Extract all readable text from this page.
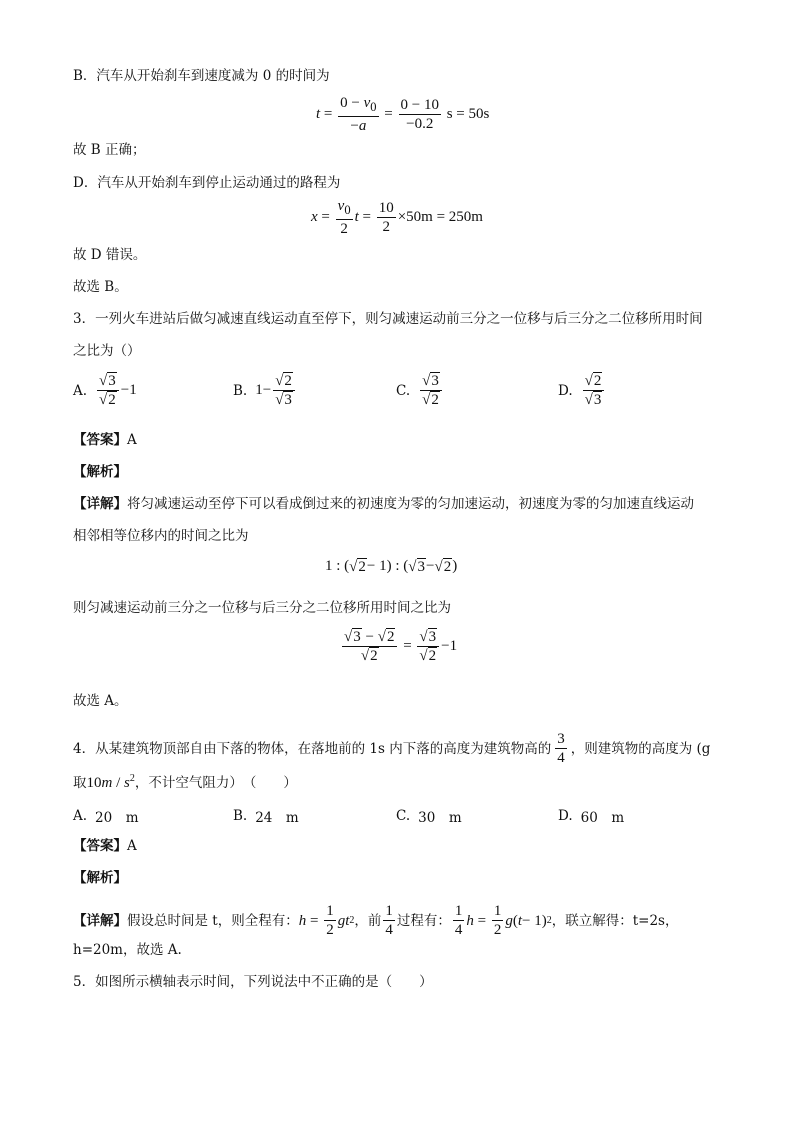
B．汽车从开始刹车到速度减为 0 的时间为
$t = \frac{0 - v_0}{-a} = \frac{0 - 10}{-0.2}$ s = 50s
故 B 正确；
D．汽车从开始刹车到停止运动通过的路程为
$x = \frac{v_0}{2}$ $t = \frac{10}{2} \times 50m = 250m$
故 D 错误。
故选 B。
3．一列火车进站后做匀减速直线运动直至停下，则匀减速运动前三分之一位移与后三分之二位移所用时间
之比为（）
A. $\frac{√ 3}{√ 2} -1$	B. $1- \frac{√ 2}{√ 3}$	C. $\frac{√ 3}{√ 2}$	D. $\frac{√ 2}{√ 3}$
【答案】A
【解析】
【详解】将匀减速运动至停下可以看成倒过来的初速度为零的匀加速运动，初速度为零的匀加速直线运动
相邻相等位移内的时间之比为
1 : ( √ 2 − 1) : ( √ 3 − √ 2 )
则匀减速运动前三分之一位移与后三分之二位移所用时间之比为
$\frac{√ 3 - √ 2}{√ 2} = \frac{√ 3}{√ 2} -1$
故选 A。
4．从某建筑物顶部自由下落的物体，在落地前的 1s 内下落的高度为建筑物高的 $\frac{3}{4}$ ，则建筑物的高度为 (g
取$10m / s^2$，不计空气阻力）　（　　）
A. 20　m	B. 24　m	C. 30　m	D. 60　m
【答案】A
【解析】
【详解】 假设总时间是 t，则全程有： $h = \frac{1}{2}$ gt 2 ，前 $\frac{1}{4}$ 过程有： $\frac{1}{4}$ $h = \frac{1}{2}$ g ( t − 1) 2 ，联立解得：t=2s，
h=20m，故选 A.
5．如图所示横轴表示时间，下列说法中不正确的是（　　）
